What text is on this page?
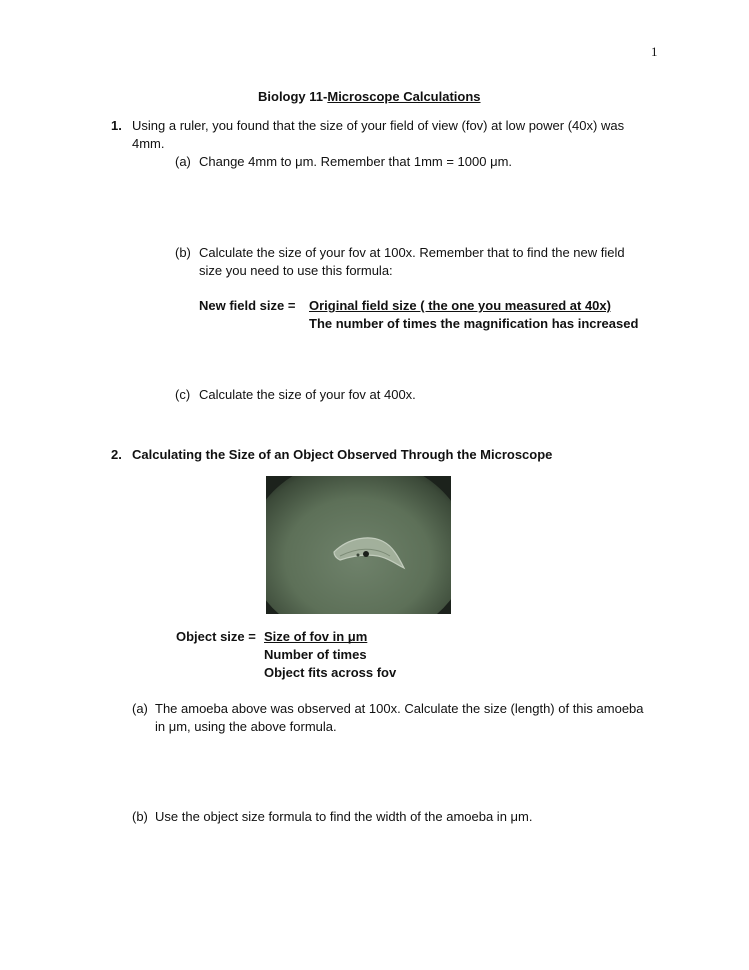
1
Biology 11-Microscope Calculations
1. Using a ruler, you found that the size of your field of view (fov) at low power (40x) was
4mm.
(a) Change 4mm to μm. Remember that 1mm = 1000 μm.
(b) Calculate the size of your fov at 100x. Remember that to find the new field
size you need to use this formula:
New field size = Original field size ( the one you measured at 40x)
The number of times the magnification has increased
(c) Calculate the size of your fov at 400x.
2. Calculating the Size of an Object Observed Through the Microscope
Object size = Size of fov in μm
Number of times
Object fits across fov
(a) The amoeba above was observed at 100x. Calculate the size (length) of this amoeba
in μm, using the above formula.
(b) Use the object size formula to find the width of the amoeba in μm.
